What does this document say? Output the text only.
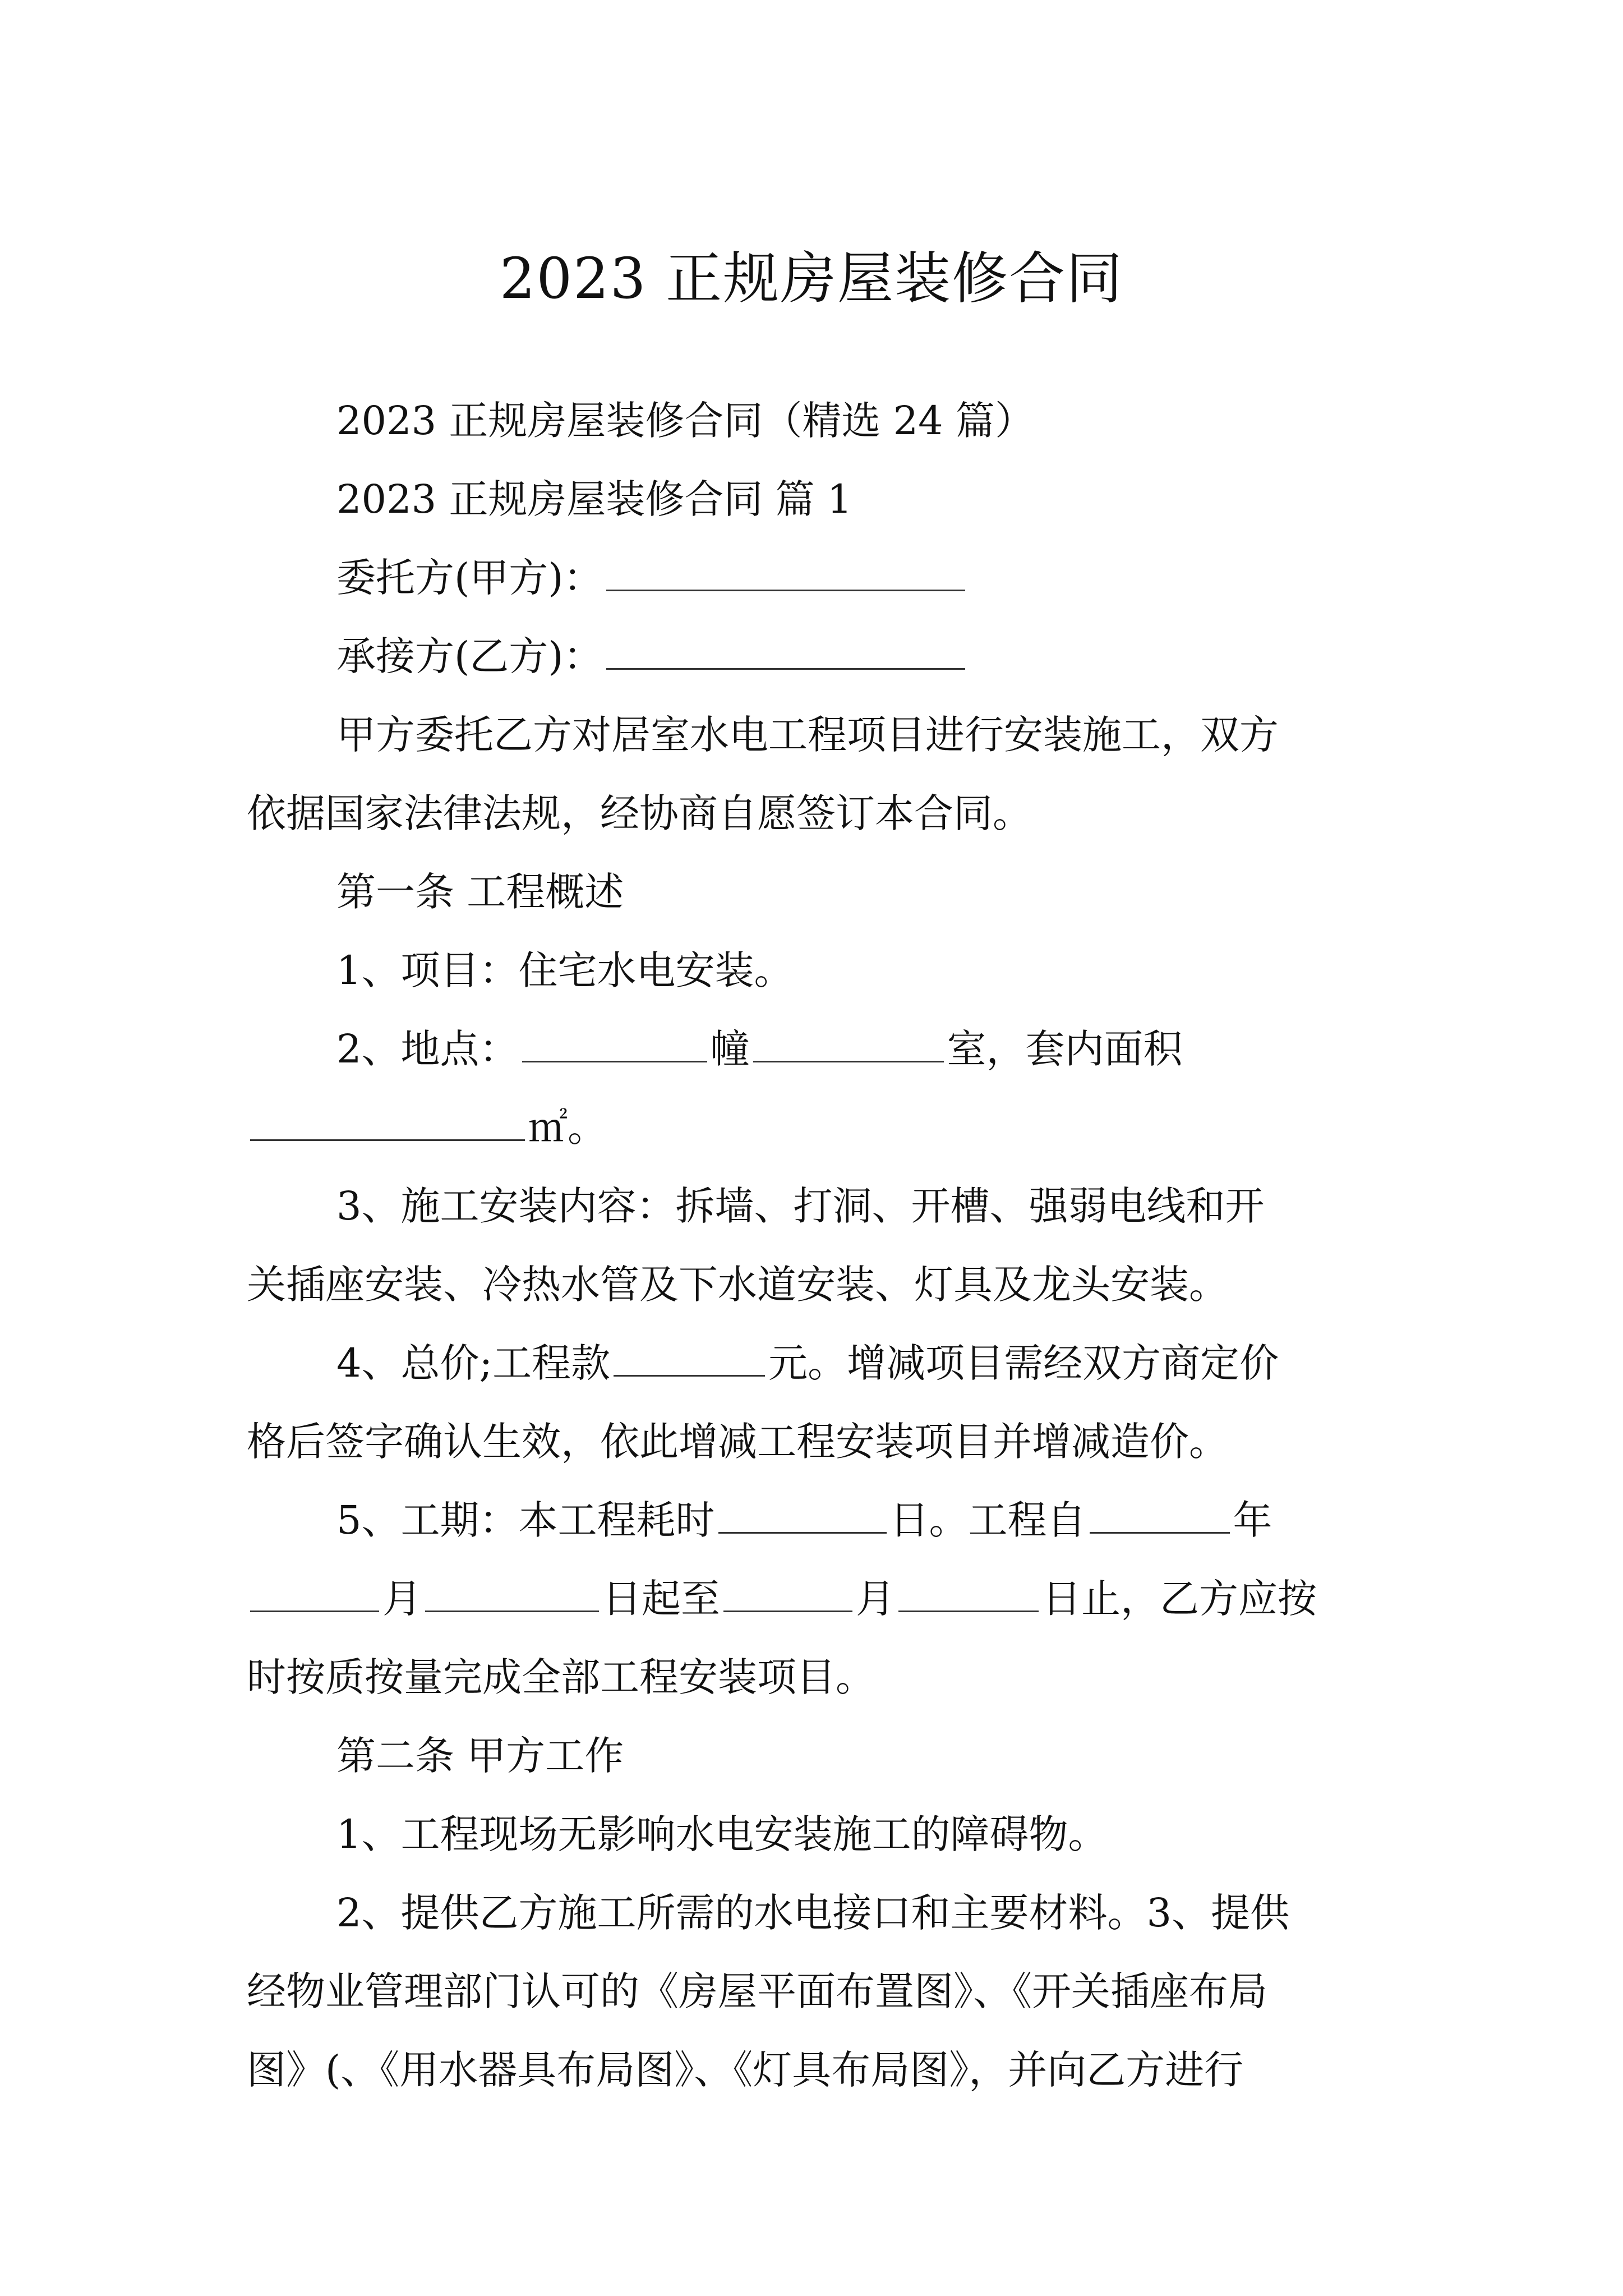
2023 正规房屋装修合同

2023 正规房屋装修合同（精选 24 篇）

2023 正规房屋装修合同 篇 1

委托方(甲方)：

承接方(乙方)：

甲方委托乙方对居室水电工程项目进行安装施工，双方

依据国家法律法规，经协商自愿签订本合同。

第一条 工程概述

1、项目：住宅水电安装。

2、地点：	幢	室，套内面积

㎡。

3、施工安装内容：拆墙、打洞、开槽、强弱电线和开

关插座安装、冷热水管及下水道安装、灯具及龙头安装。

4、总价;工程款	元。增减项目需经双方商定价

格后签字确认生效，依此增减工程安装项目并增减造价。

5、工期：本工程耗时	日。工程自	年

月	日起至	月	日止，乙方应按

时按质按量完成全部工程安装项目。

第二条 甲方工作

1、工程现场无影响水电安装施工的障碍物。

2、提供乙方施工所需的水电接口和主要材料。3、提供

经物业管理部门认可的《房屋平面布置图》、《开关插座布局

图》(、《用水器具布局图》、《灯具布局图》，并向乙方进行
